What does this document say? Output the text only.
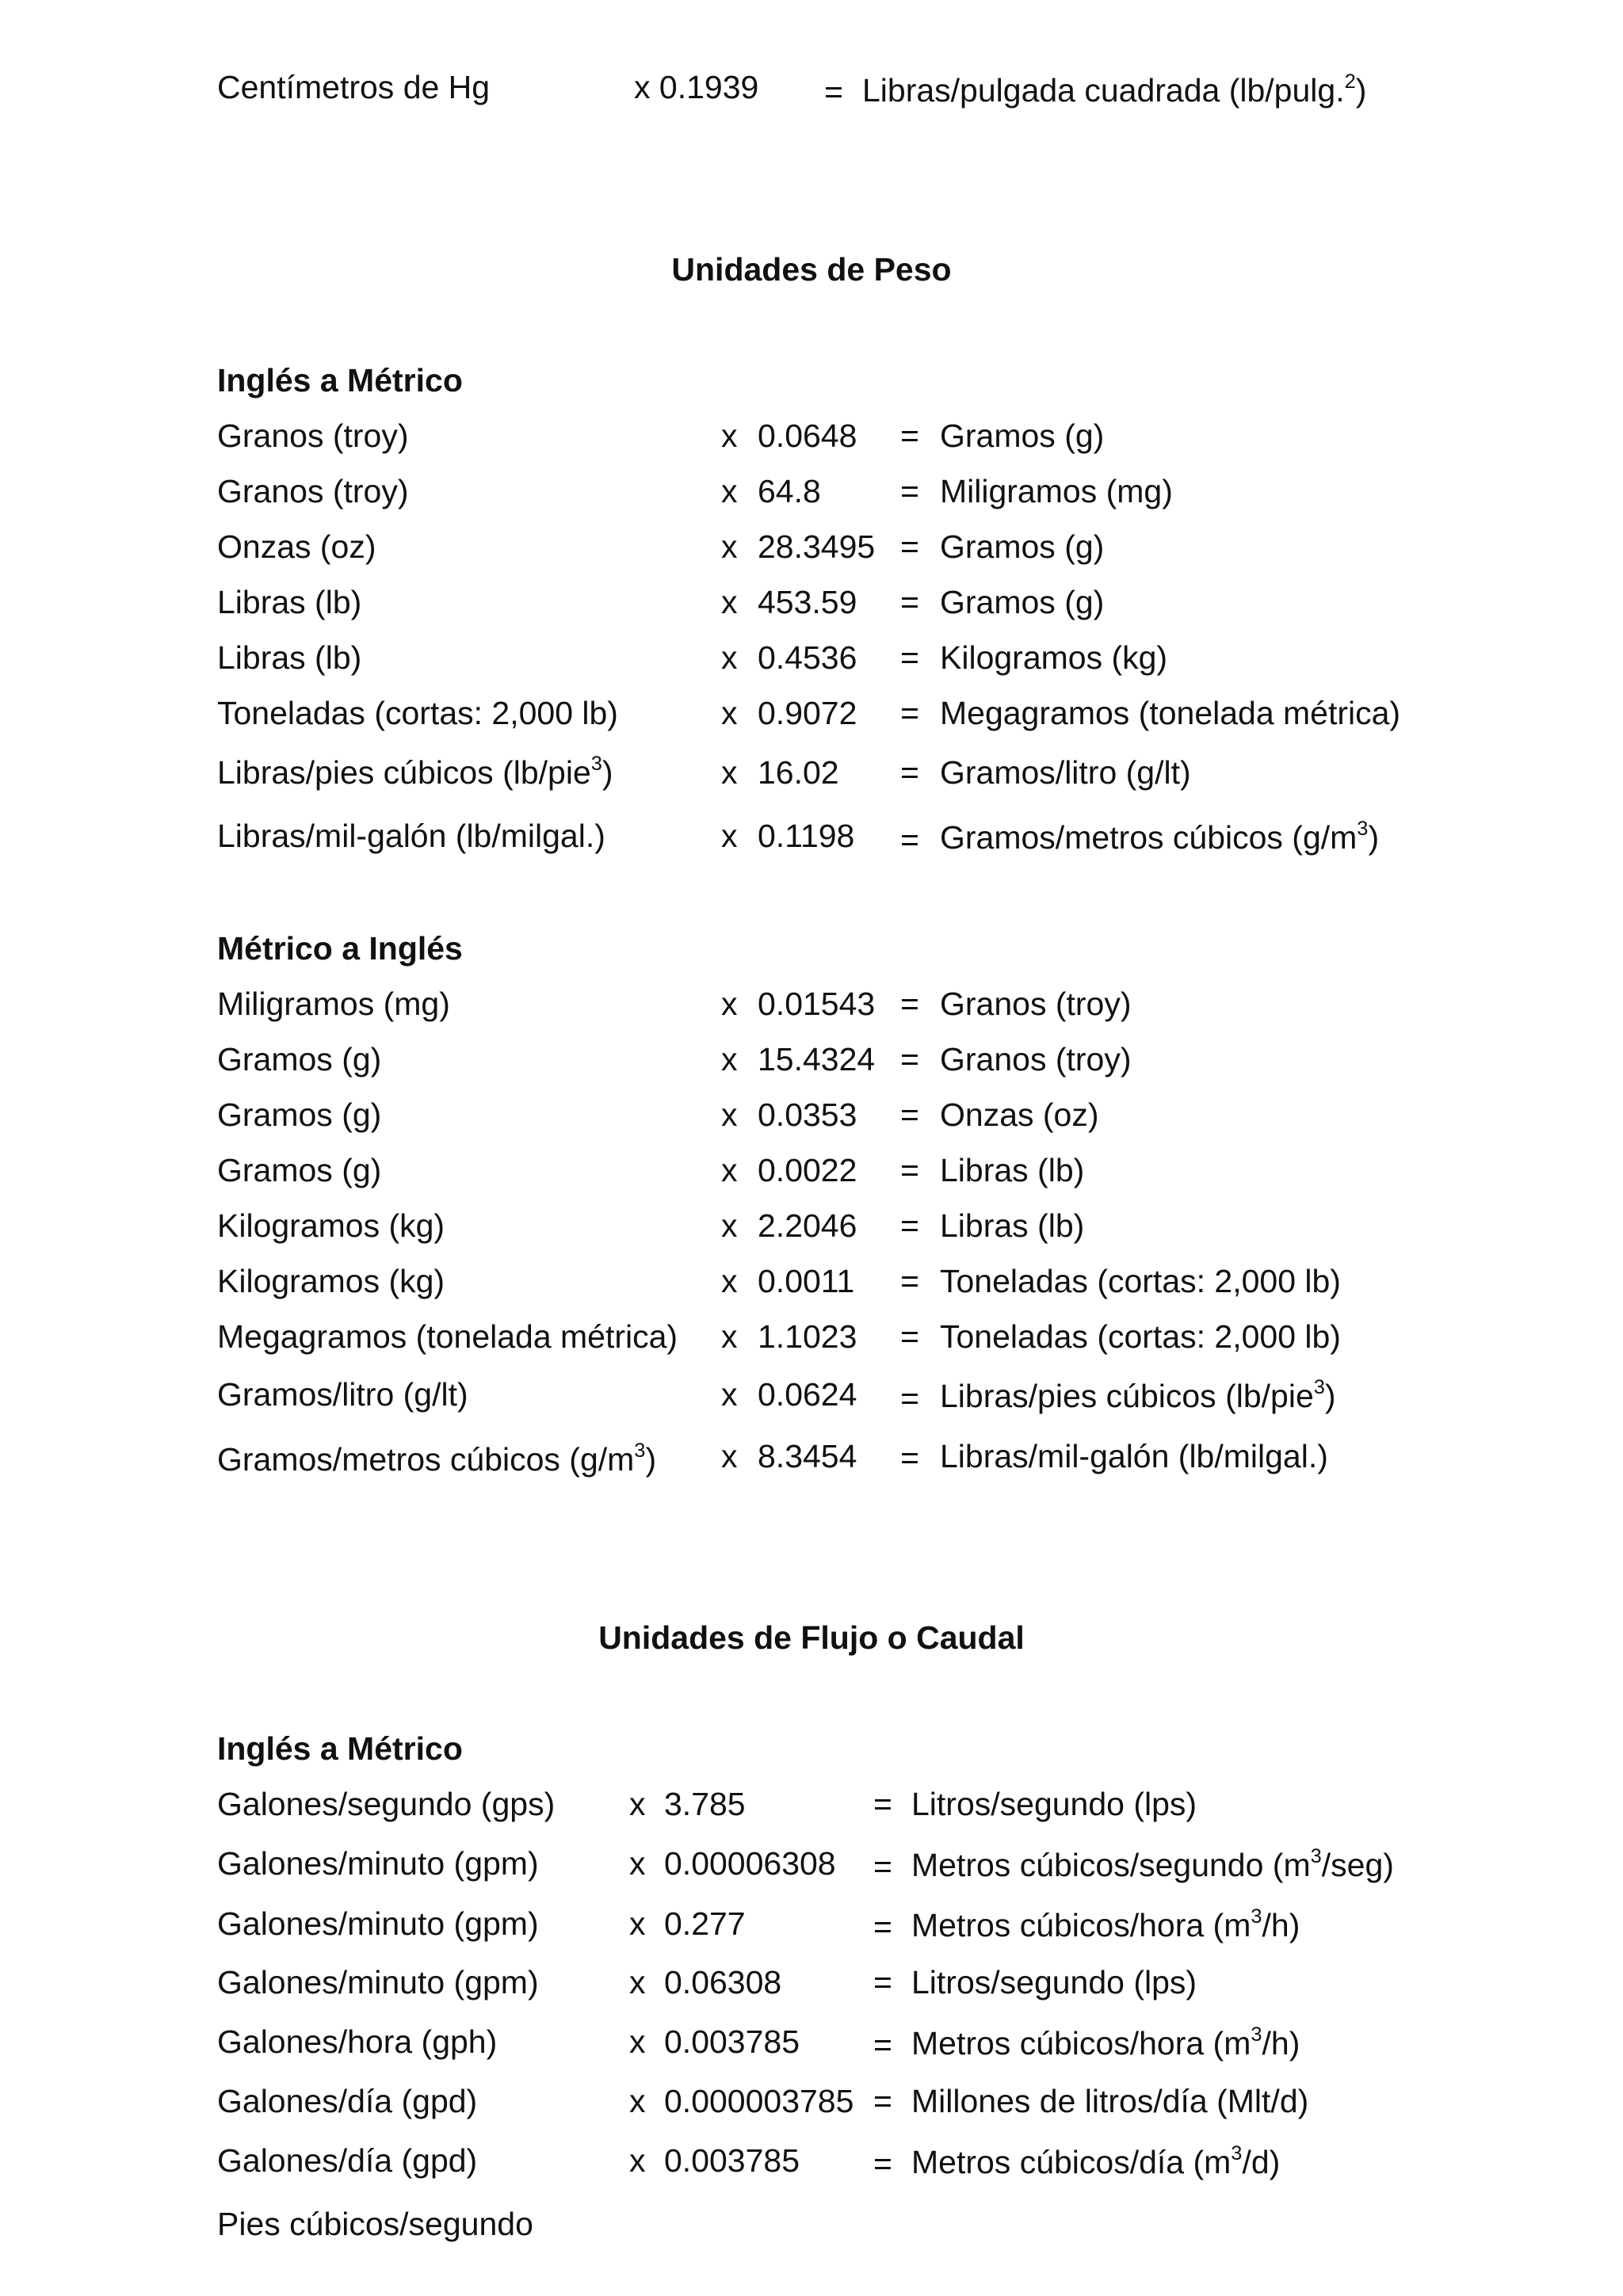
Centímetros de Hg	x 0.1939 = Libras/pulgada cuadrada (lb/pulg.$^2$)
Unidades de Peso
Inglés a Métrico
Granos (troy)	x 0.0648 = Gramos (g)
Granos (troy)	x 64.8 = Miligramos (mg)
Onzas (oz)	x 28.3495 = Gramos (g)
Libras (lb)	x 453.59 = Gramos (g)
Libras (lb)	x 0.4536 = Kilogramos (kg)
Toneladas (cortas: 2,000 lb)	x 0.9072 = Megagramos (tonelada métrica)
Libras/pies cúbicos (lb/pie$^3$)	x 16.02 = Gramos/litro (g/lt)
Libras/mil-galón (lb/milgal.)	x 0.1198 = Gramos/metros cúbicos $(g/m^3)$
Métrico a Inglés
Miligramos (mg)	x 0.01543 = Granos (troy)
Gramos (g)	x 15.4324 = Granos (troy)
Gramos (g)	x 0.0353 = Onzas (oz)
Gramos (g)	x 0.0022 = Libras (lb)
Kilogramos (kg)	x 2.2046 = Libras (lb)
Kilogramos (kg)	x 0.0011 = Toneladas (cortas: 2,000 lb)
Megagramos (tonelada métrica) x 1.1023 = Toneladas (cortas: 2,000 lb)
Gramos/litro (g/lt)	x 0.0624 = Libras/pies cúbicos (lb/pie$^3$)
Gramos/metros cúbicos $(g/m^3)$ x 8.3454 = Libras/mil-galón (lb/milgal.)
Unidades de Flujo o Caudal
Inglés a Métrico
Galones/segundo (gps) x 3.785	= Litros/segundo (lps)
Galones/minuto (gpm)	x 0.00006308 = Metros cúbicos/segundo $(m^3/seg)$
Galones/minuto (gpm)	x 0.277	= Metros cúbicos/hora $(m^3/h)$
Galones/minuto (gpm)	x 0.06308	= Litros/segundo (lps)
Galones/hora (gph)	x 0.003785 = Metros cúbicos/hora $(m^3/h)$
Galones/día (gpd)	x 0.000003785 = Millones de litros/día (Mlt/d)
Galones/día (gpd)	x 0.003785 = Metros cúbicos/día $(m^3/d)$
Pies cúbicos/segundo
